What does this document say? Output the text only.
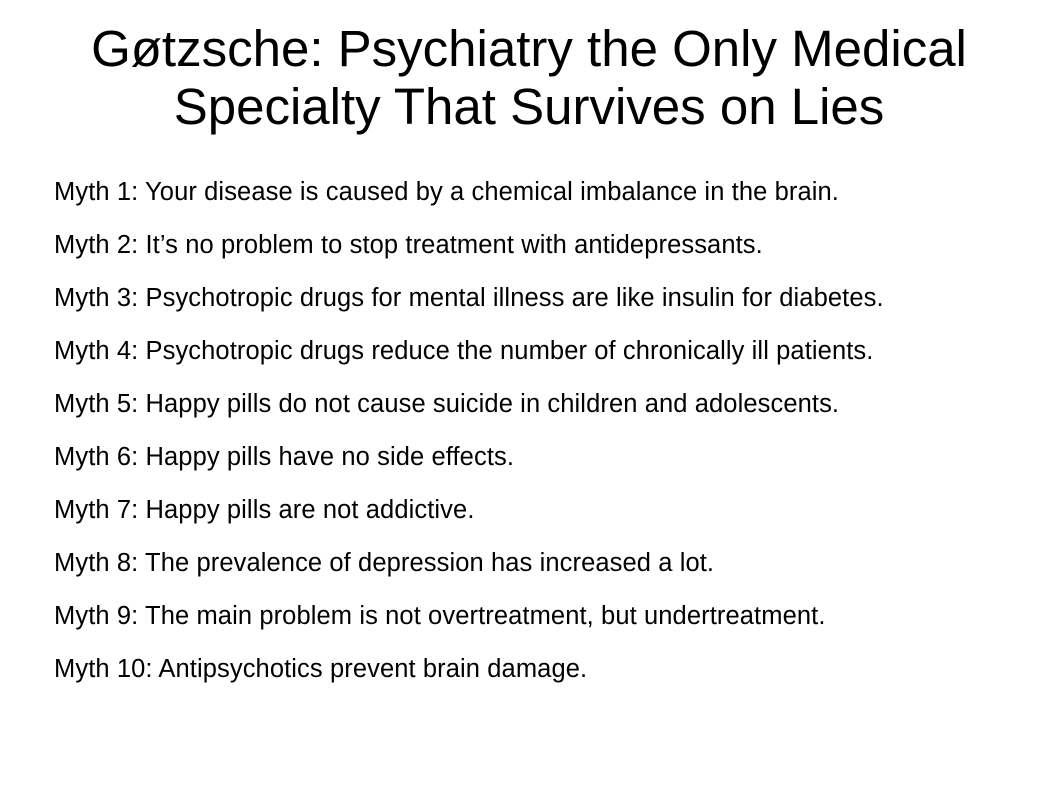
Gøtzsche: Psychiatry the Only Medical Specialty That Survives on Lies
Myth 1: Your disease is caused by a chemical imbalance in the brain.
Myth 2: It’s no problem to stop treatment with antidepressants.
Myth 3: Psychotropic drugs for mental illness are like insulin for diabetes.
Myth 4: Psychotropic drugs reduce the number of chronically ill patients.
Myth 5: Happy pills do not cause suicide in children and adolescents.
Myth 6: Happy pills have no side effects.
Myth 7: Happy pills are not addictive.
Myth 8: The prevalence of depression has increased a lot.
Myth 9: The main problem is not overtreatment, but undertreatment.
Myth 10: Antipsychotics prevent brain damage.
